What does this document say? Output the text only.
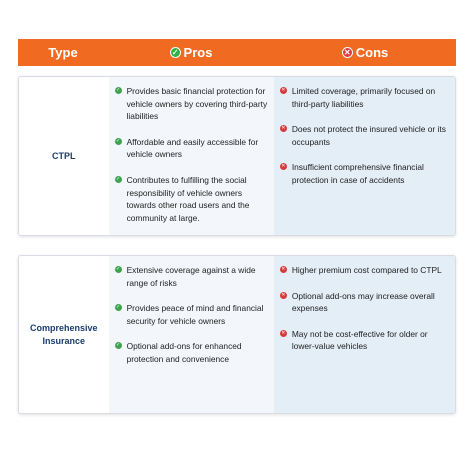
Type	✓ Pros	✕ Cons
CTPL
✓ Provides basic financial protection for vehicle owners by covering third-party liabilities
✓ Affordable and easily accessible for vehicle owners
✓ Contributes to fulfilling the social responsibility of vehicle owners towards other road users and the community at large.
✕ Limited coverage, primarily focused on third-party liabilities
✕ Does not protect the insured vehicle or its occupants
✕ Insufficient comprehensive financial protection in case of accidents
Comprehensive Insurance
✓ Extensive coverage against a wide range of risks
✓ Provides peace of mind and financial security for vehicle owners
✓ Optional add-ons for enhanced protection and convenience
✕ Higher premium cost compared to CTPL
✕ Optional add-ons may increase overall expenses
✕ May not be cost-effective for older or lower-value vehicles
